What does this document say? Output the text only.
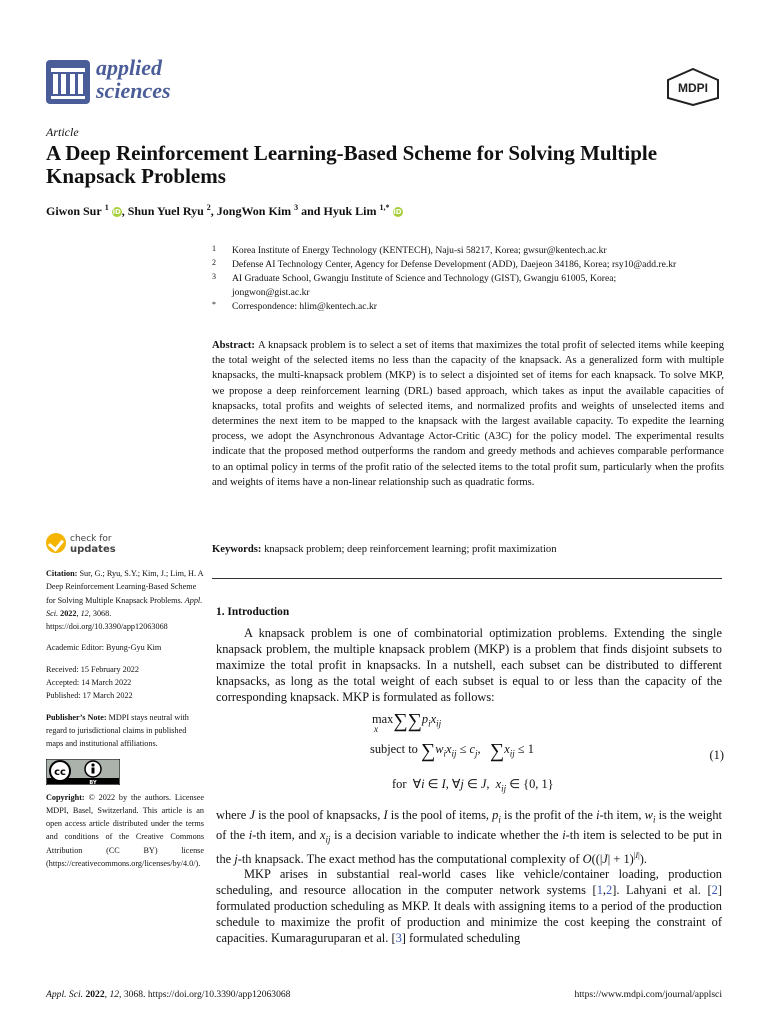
applied
sciences	MDPI
Article
A Deep Reinforcement Learning-Based Scheme for Solving Multiple Knapsack Problems
Giwon Sur $^1$ iD, Shun Yuel Ryu $^2$, JongWon Kim $^3$ and Hyuk Lim $^{1,*}$ iD
1 Korea Institute of Energy Technology (KENTECH), Naju-si 58217, Korea; gwsur@kentech.ac.kr
2 Defense AI Technology Center, Agency for Defense Development (ADD), Daejeon 34186, Korea; rsy10@add.re.kr
3 AI Graduate School, Gwangju Institute of Science and Technology (GIST), Gwangju 61005, Korea; jongwon@gist.ac.kr
* Correspondence: hlim@kentech.ac.kr
Abstract: A knapsack problem is to select a set of items that maximizes the total profit of selected items while keeping the total weight of the selected items no less than the capacity of the knapsack. As a generalized form with multiple knapsacks, the multi-knapsack problem (MKP) is to select a disjointed set of items for each knapsack. To solve MKP, we propose a deep reinforcement learning (DRL) based approach, which takes as input the available capacities of knapsacks, total profits and weights of selected items, and normalized profits and weights of unselected items and determines the next item to be mapped to the knapsack with the largest available capacity. To expedite the learning process, we adopt the Asynchronous Advantage Actor-Critic (A3C) for the policy model. The experimental results indicate that the proposed method outperforms the random and greedy methods and achieves comparable performance to an optimal policy in terms of the profit ratio of the selected items to the total profit sum, particularly when the profits and weights of items have a non-linear relationship such as quadratic forms.
Keywords: knapsack problem; deep reinforcement learning; profit maximization
check for
updates
Citation: Sur, G.; Ryu, S.Y.; Kim, J.; Lim, H. A Deep Reinforcement Learning-Based Scheme for Solving Multiple Knapsack Problems. Appl. Sci. 2022, 12, 3068. https://doi.org/10.3390/app12063068
Academic Editor: Byung-Gyu Kim
Received: 15 February 2022
Accepted: 14 March 2022
Published: 17 March 2022
Publisher’s Note: MDPI stays neutral with regard to jurisdictional claims in published maps and institutional affiliations.
cc
BY
Copyright: © 2022 by the authors. Licensee MDPI, Basel, Switzerland. This article is an open access article distributed under the terms and conditions of the Creative Commons Attribution (CC BY) license (https://creativecommons.org/licenses/by/4.0/).
1. Introduction
A knapsack problem is one of combinatorial optimization problems. Extending the single knapsack problem, the multiple knapsack problem (MKP) is a problem that finds disjoint subsets to maximize the total profit in knapsacks. In a nutshell, each subset can be distributed to different knapsacks, as long as the total weight of each subset is equal to or less than the capacity of the corresponding knapsack. MKP is formulated as follows:
$\max\sum\sum p_ix_{ij}$
x
subject to $\sum w_ix_{ij} \le c_j$,   $\sum x_{ij} \le 1$
for  ∀i ∈ I, ∀j ∈ J,  $x_{ij}$ ∈ {0, 1}
(1)
where J is the pool of knapsacks, I is the pool of items, $p_i$ is the profit of the i-th item, $w_i$ is the weight of the i-th item, and $x_{ij}$ is a decision variable to indicate whether the i-th item is selected to be put in the j-th knapsack. The exact method has the computational complexity of $O((|J| + 1)^{|I|})$.
MKP arises in substantial real-world cases like vehicle/container loading, production scheduling, and resource allocation in the computer network systems [1,2]. Lahyani et al. [2] formulated production scheduling as MKP. It deals with assigning items to a period of the production schedule to maximize the profit of production and minimize the cost keeping the constraint of capacities. Kumaraguruparan et al. [3] formulated scheduling
Appl. Sci. 2022, 12, 3068. https://doi.org/10.3390/app12063068	https://www.mdpi.com/journal/applsci
